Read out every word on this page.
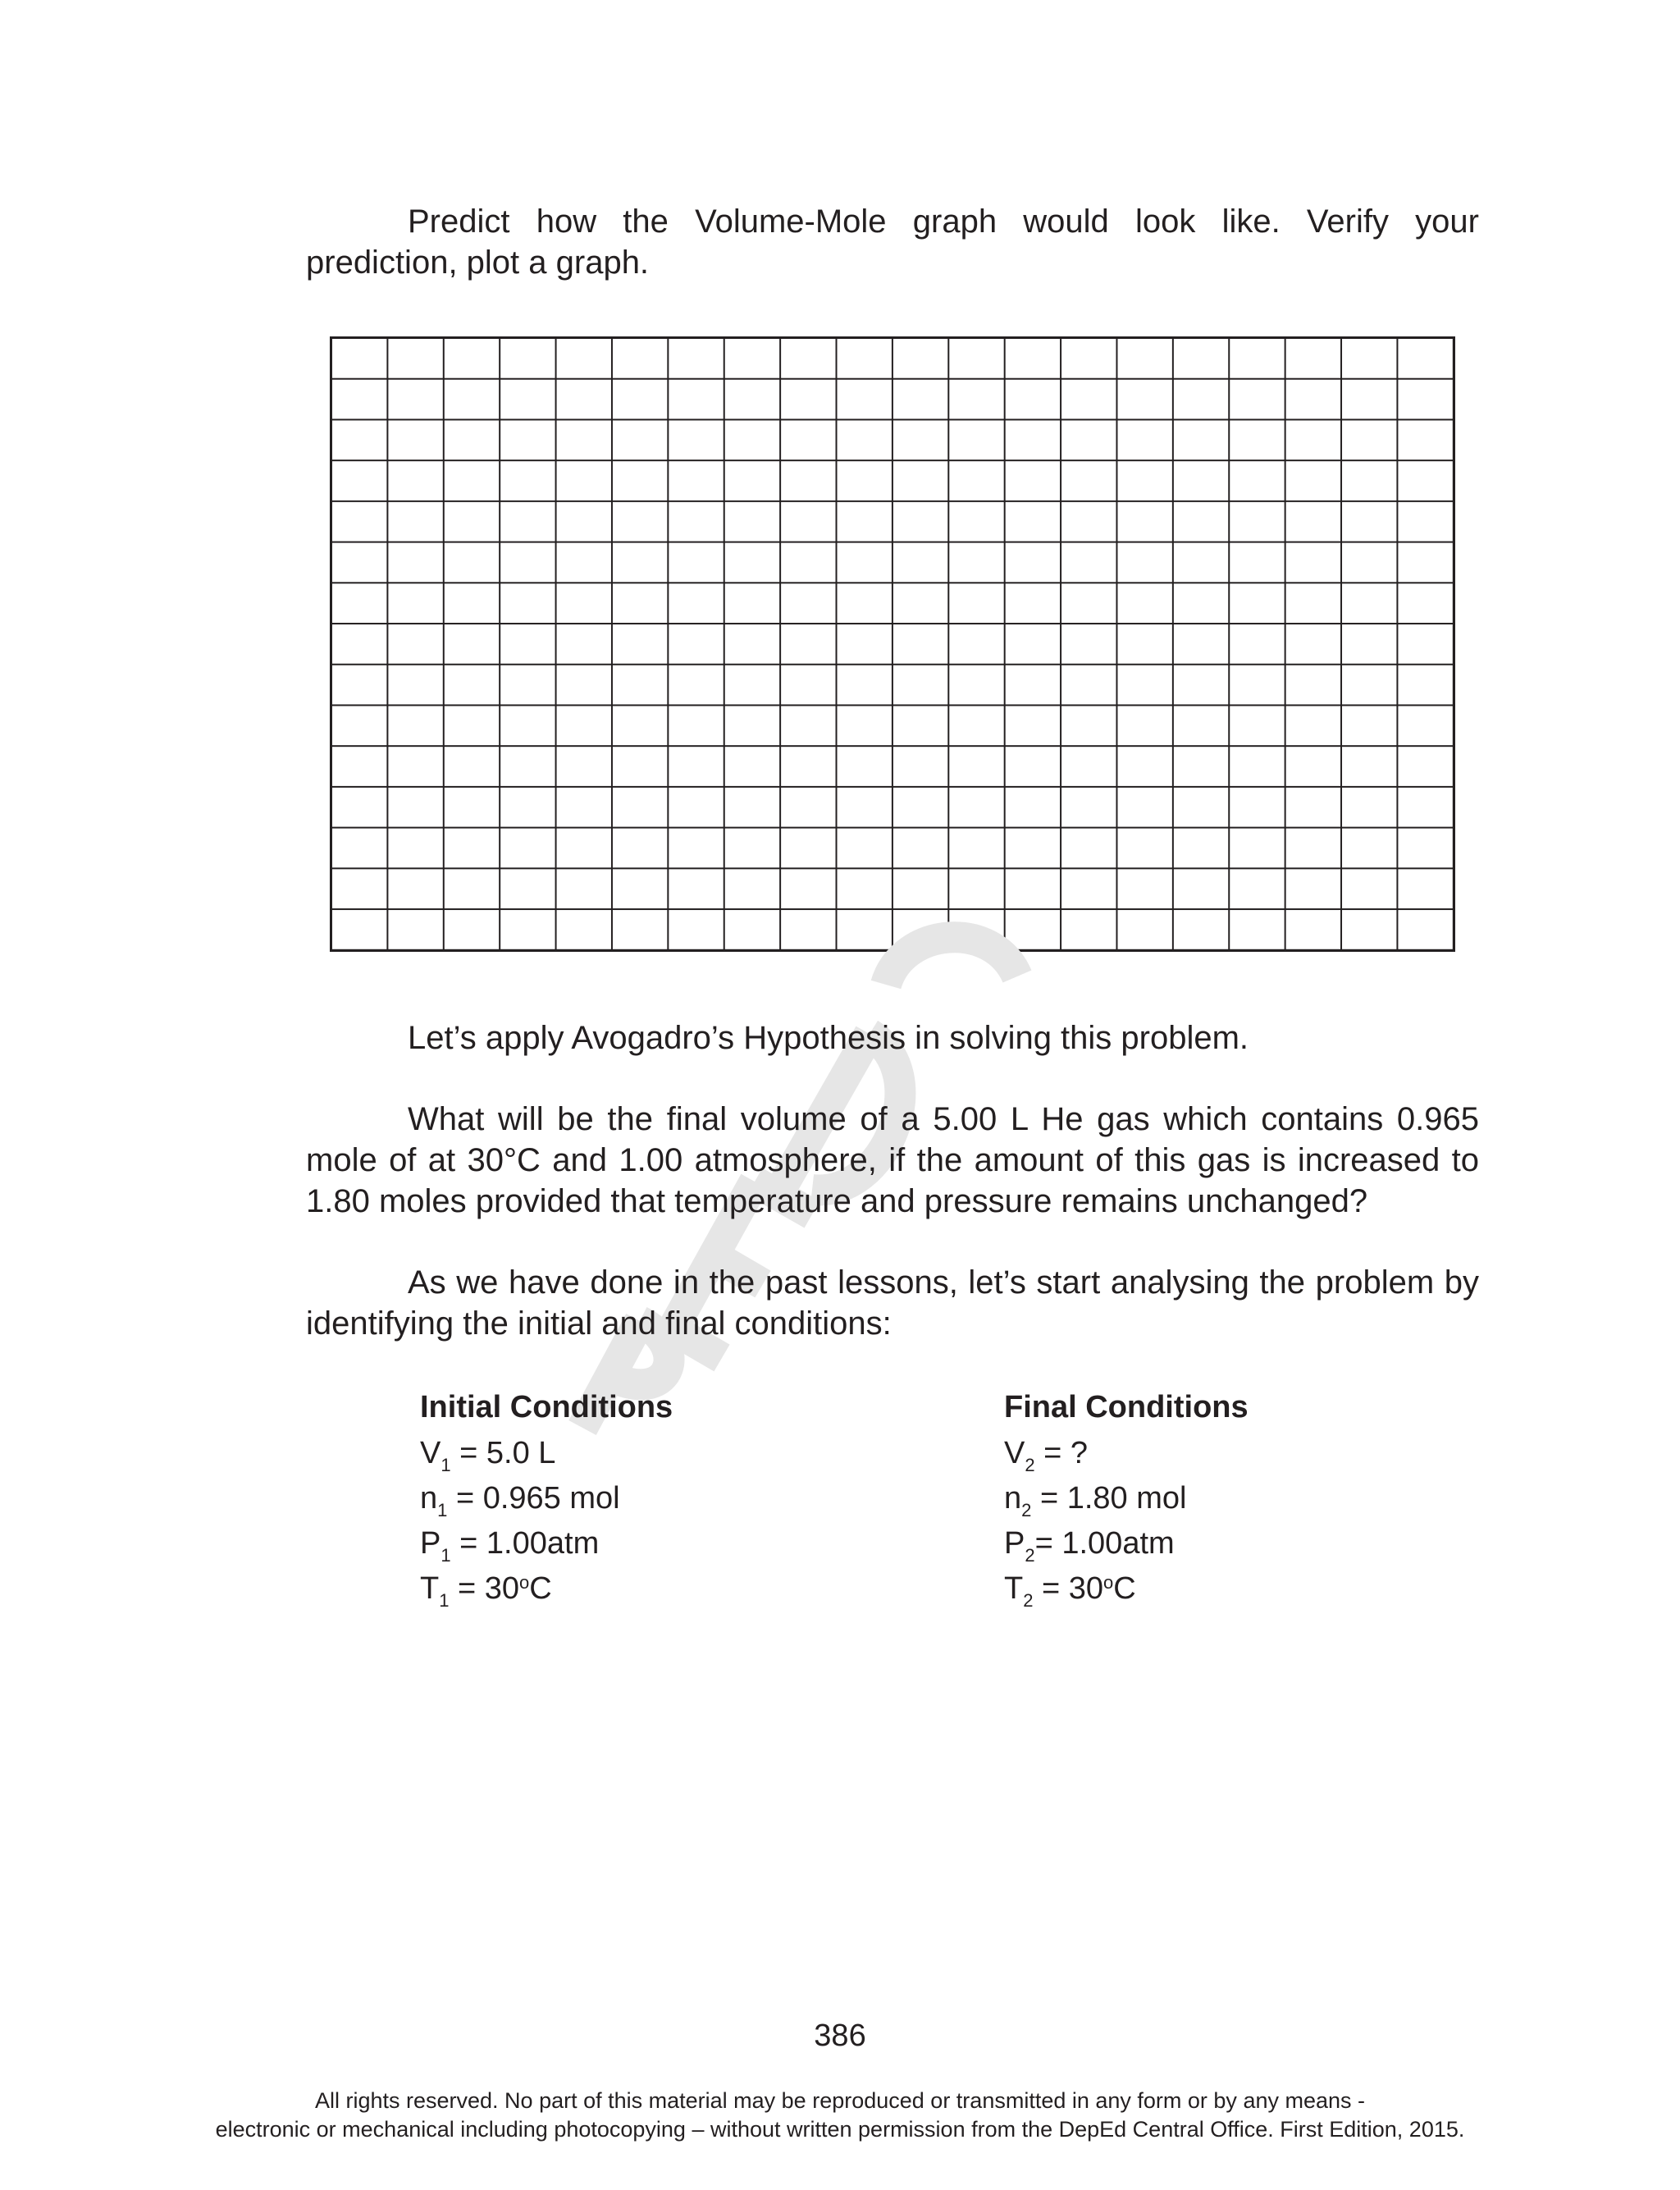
Predict how the Volume-Mole graph would look like. Verify your prediction, plot a graph.

Let’s apply Avogadro’s Hypothesis in solving this problem.

What will be the final volume of a 5.00 L He gas which contains 0.965 mole of at 30°C and 1.00 atmosphere, if the amount of this gas is increased to 1.80 moles provided that temperature and pressure remains unchanged?

As we have done in the past lessons, let’s start analysing the problem by identifying the initial and final conditions:

Initial Conditions
$V_1 = 5.0$ L
$n_1 = 0.965$ mol
$P_1 = 1.00atm$
$T_1 = 30^oC$
Final Conditions
$V_2$ = ?
$n_2 = 1.80$ mol
$P_2= 1.00atm$
$T_2 = 30^oC$
386
All rights reserved. No part of this material may be reproduced or transmitted in any form or by any means -
electronic or mechanical including photocopying – without written permission from the DepEd Central Office. First Edition, 2015.
